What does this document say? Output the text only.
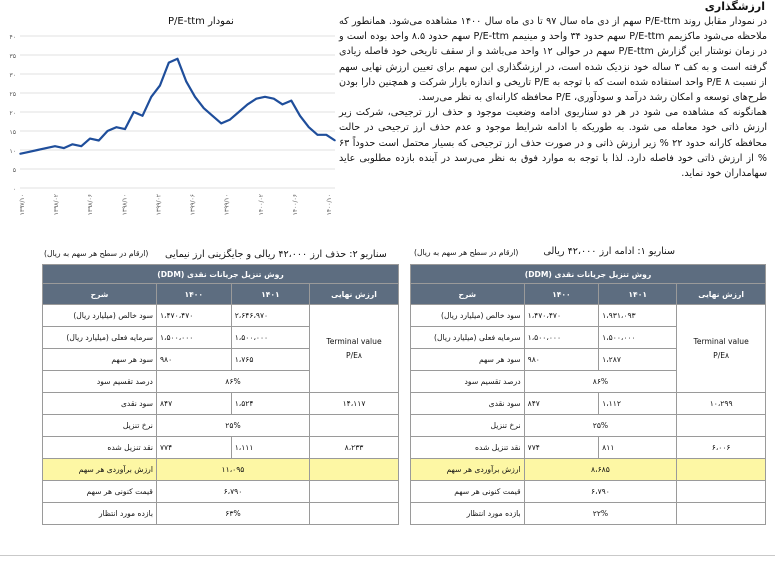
ارزشگذاری

در نمودار مقابل روند P/E-ttm سهم از دی ماه سال ۹۷ تا دی ماه سال ۱۴۰۰ مشاهده می‌شود. همانطور که ملاحظه می‌شود ماکزیمم P/E-ttm سهم حدود ۳۴ واحد و مینیمم P/E-ttm سهم حدود ۸.۵ واحد بوده است و در زمان نوشتار این گزارش P/E-ttm سهم در حوالی ۱۲ واحد می‌باشد و از سقف تاریخی خود فاصله زیادی گرفته است و به کف ۳ ساله خود نزدیک شده است، در ارزشگذاری این سهم برای تعیین ارزش نهایی سهم از نسبت P/E ۸ واحد استفاده شده است که با توجه به P/E تاریخی و اندازه بازار شرکت و همچنین دارا بودن طرح‌های توسعه و امکان رشد درآمد و سودآوری، P/E محافظه کارانه‌ای به نظر می‌رسد.

همانگونه که مشاهده می شود در هر دو سناریوی ادامه وضعیت موجود و حذف ارز ترجیحی، شرکت زیر ارزش ذاتی خود معامله می شود. به طوریکه با ادامه شرایط موجود و عدم حذف ارز ترجیحی در حالت محافظه کارانه حدود ۲۲ % زیر ارزش ذاتی و در صورت حذف ارز ترجیحی که بسیار محتمل است حدوداً ۶۳ % از ارزش ذاتی خود فاصله دارد. لذا با توجه به موارد فوق به نظر می‌رسد در آینده بازده مطلوبی عاید سهامداران خود نماید.

نمودار P/E-ttm
۰
۵
۱۰
۱۵
۲۰
۲۵
۳۰
۳۵
۴۰
۱۳۹۷/۱۰	۱۳۹۸/۰۲	۱۳۹۸/۰۶	۱۳۹۸/۱۰	۱۳۹۹/۰۲	۱۳۹۹/۰۶	۱۳۹۹/۱۰	۱۴۰۰/۰۲	۱۴۰۰/۰۶	۱۴۰۰/۱۰
سناریو ۱: ادامه ارز ۴۲،۰۰۰ ریالی
(ارقام در سطح هر سهم به ریال)
روش تنزیل جریانات نقدی (DDM)			
ارزش نهایی	۱۴۰۱	۱۴۰۰	شرح

Terminal value
P/E۸	۱،۹۳۱،۰۹۳	۱،۴۷۰،۴۷۰	سود خالص (میلیارد ریال)
	۱،۵۰۰،۰۰۰	۱،۵۰۰،۰۰۰	سرمایه فعلی (میلیارد ریال)
	۱،۲۸۷	۹۸۰	سود هر سهم
	۸۶%		درصد تقسیم سود
۱۰،۲۹۹	۱،۱۱۲	۸۴۷	سود نقدی
	۲۵%		نرخ تنزیل
۶،۰۰۶	۸۱۱	۷۷۴	نقد تنزیل شده
	۸،۶۸۵		ارزش برآوردی هر سهم
	۶،۷۹۰		قیمت کنونی هر سهم
	۲۲%		بازده مورد انتظار
سناریو ۲: حذف ارز ۴۲،۰۰۰ ریالی و جایگزینی ارز نیمایی
(ارقام در سطح هر سهم به ریال)
روش تنزیل جریانات نقدی (DDM)			
ارزش نهایی	۱۴۰۱	۱۴۰۰	شرح

Terminal value
P/E۸	۲،۶۴۶،۹۷۰	۱،۴۷۰،۴۷۰	سود خالص (میلیارد ریال)
	۱،۵۰۰،۰۰۰	۱،۵۰۰،۰۰۰	سرمایه فعلی (میلیارد ریال)
	۱،۷۶۵	۹۸۰	سود هر سهم
	۸۶%		درصد تقسیم سود
۱۴،۱۱۷	۱،۵۲۴	۸۴۷	سود نقدی
	۲۵%		نرخ تنزیل
۸،۲۳۳	۱،۱۱۱	۷۷۴	نقد تنزیل شده
	۱۱،۰۹۵		ارزش برآوردی هر سهم
	۶،۷۹۰		قیمت کنونی هر سهم
	۶۳%		بازده مورد انتظار
